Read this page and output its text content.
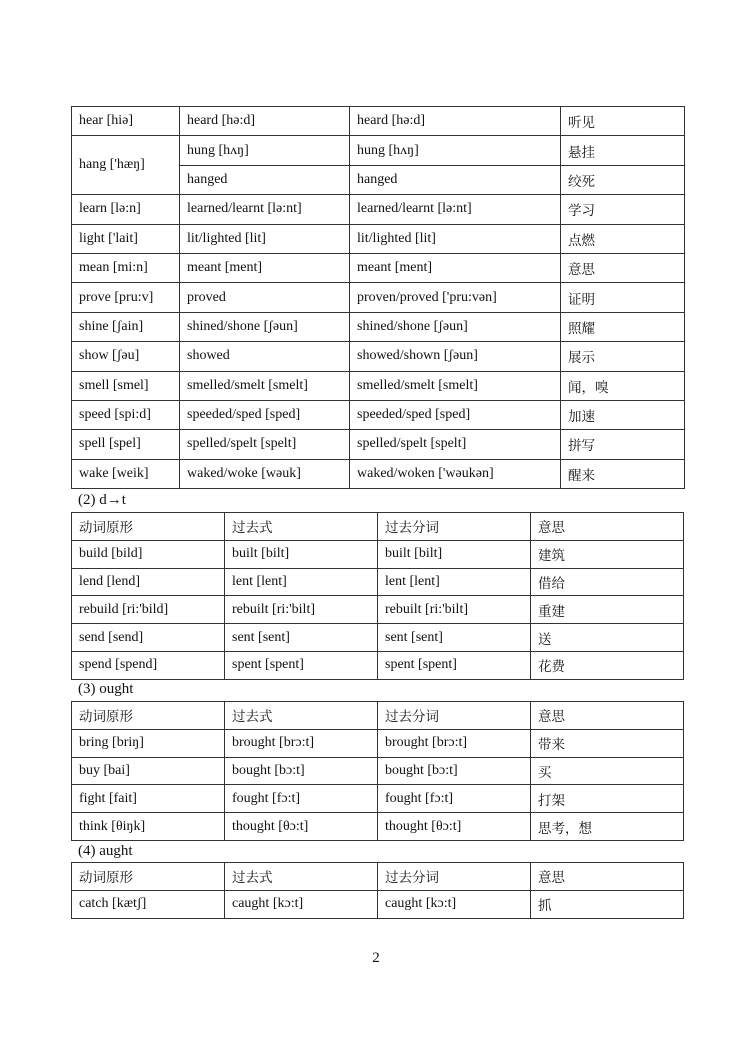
hear [hiə]	heard [hə:d]	heard [hə:d]	听见
hang ['hæŋ]	hung [hʌŋ]	hung [hʌŋ]	悬挂
	hanged	hanged	绞死
learn [lə:n]	learned/learnt [lə:nt]	learned/learnt [lə:nt]	学习
light ['lait]	lit/lighted [lit]	lit/lighted [lit]	点燃
mean [mi:n]	meant [ment]	meant [ment]	意思
prove [pru:v]	proved	proven/proved ['pru:vən]	证明
shine [ʃain]	shined/shone [ʃəun]	shined/shone [ʃəun]	照耀
show [ʃəu]	showed	showed/shown [ʃəun]	展示
smell [smel]	smelled/smelt [smelt]	smelled/smelt [smelt]	闻，嗅
speed [spi:d]	speeded/sped [sped]	speeded/sped [sped]	加速
spell [spel]	spelled/spelt [spelt]	spelled/spelt [spelt]	拼写
wake [weik]	waked/woke [wəuk]	waked/woken ['wəukən]	醒来
(2) d→t
动词原形	过去式	过去分词	意思
build [bild]	built [bilt]	built [bilt]	建筑
lend [lend]	lent [lent]	lent [lent]	借给
rebuild [ri:'bild]	rebuilt [ri:'bilt]	rebuilt [ri:'bilt]	重建
send [send]	sent [sent]	sent [sent]	送
spend [spend]	spent [spent]	spent [spent]	花费
(3) ought
动词原形	过去式	过去分词	意思
bring [briŋ]	brought [brɔ:t]	brought [brɔ:t]	带来
buy [bai]	bought [bɔ:t]	bought [bɔ:t]	买
fight [fait]	fought [fɔ:t]	fought [fɔ:t]	打架
think [θiŋk]	thought [θɔ:t]	thought [θɔ:t]	思考，想
(4) aught
动词原形	过去式	过去分词	意思
catch [kætʃ]	caught [kɔ:t]	caught [kɔ:t]	抓
2
